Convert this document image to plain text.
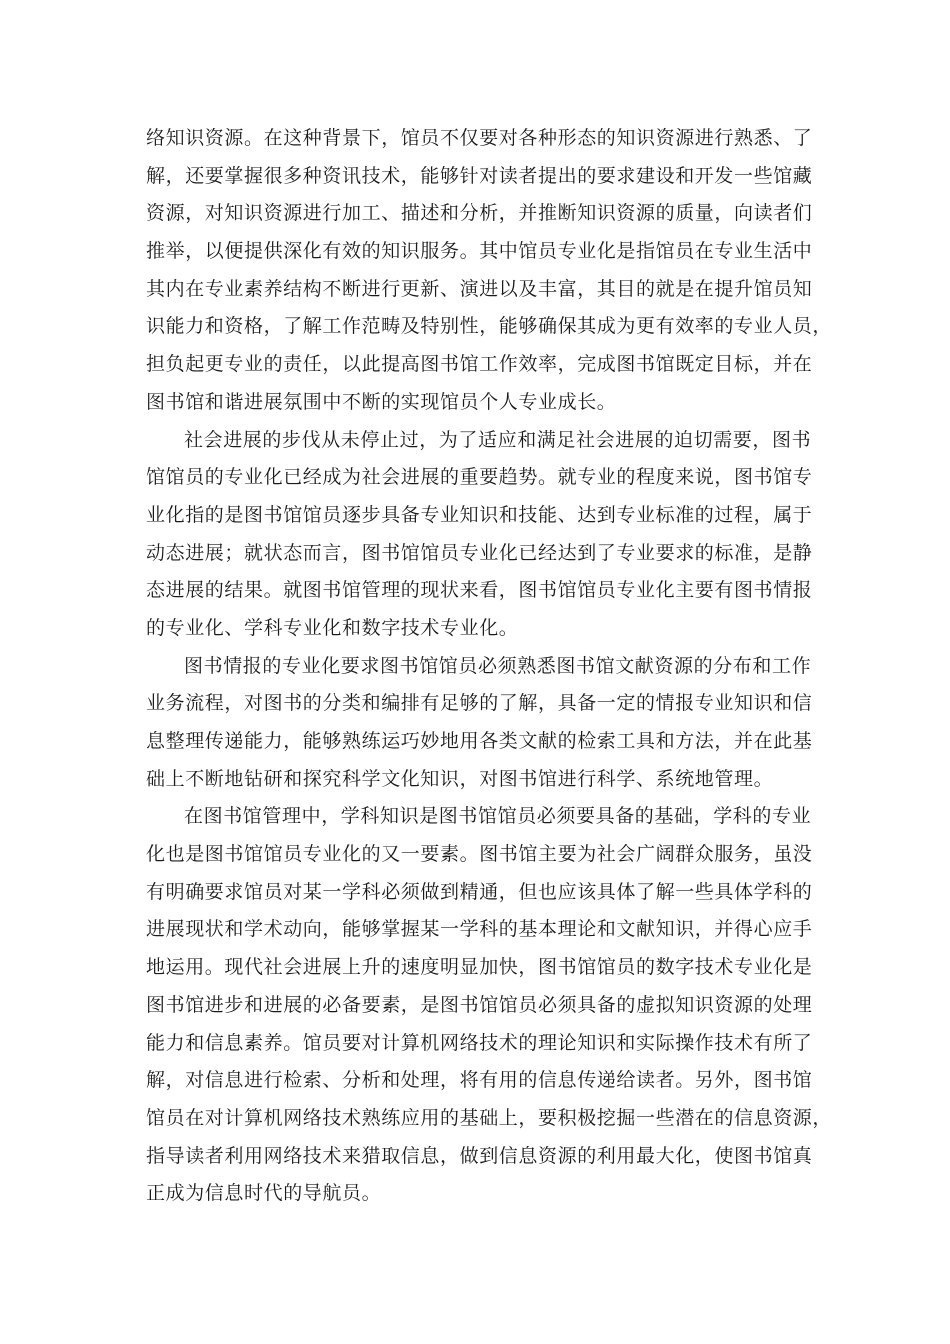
络知识资源。在这种背景下，馆员不仅要对各种形态的知识资源进行熟悉、了
解，还要掌握很多种资讯技术，能够针对读者提出的要求建设和开发一些馆藏
资源，对知识资源进行加工、描述和分析，并推断知识资源的质量，向读者们
推举，以便提供深化有效的知识服务。其中馆员专业化是指馆员在专业生活中
其内在专业素养结构不断进行更新、演进以及丰富，其目的就是在提升馆员知
识能力和资格，了解工作范畴及特别性，能够确保其成为更有效率的专业人员，
担负起更专业的责任，以此提高图书馆工作效率，完成图书馆既定目标，并在
图书馆和谐进展氛围中不断的实现馆员个人专业成长。
社会进展的步伐从未停止过，为了适应和满足社会进展的迫切需要，图书
馆馆员的专业化已经成为社会进展的重要趋势。就专业的程度来说，图书馆专
业化指的是图书馆馆员逐步具备专业知识和技能、达到专业标准的过程，属于
动态进展；就状态而言，图书馆馆员专业化已经达到了专业要求的标准，是静
态进展的结果。就图书馆管理的现状来看，图书馆馆员专业化主要有图书情报
的专业化、学科专业化和数字技术专业化。
图书情报的专业化要求图书馆馆员必须熟悉图书馆文献资源的分布和工作
业务流程，对图书的分类和编排有足够的了解，具备一定的情报专业知识和信
息整理传递能力，能够熟练运巧妙地用各类文献的检索工具和方法，并在此基
础上不断地钻研和探究科学文化知识，对图书馆进行科学、系统地管理。
在图书馆管理中，学科知识是图书馆馆员必须要具备的基础，学科的专业
化也是图书馆馆员专业化的又一要素。图书馆主要为社会广阔群众服务，虽没
有明确要求馆员对某一学科必须做到精通，但也应该具体了解一些具体学科的
进展现状和学术动向，能够掌握某一学科的基本理论和文献知识，并得心应手
地运用。现代社会进展上升的速度明显加快，图书馆馆员的数字技术专业化是
图书馆进步和进展的必备要素，是图书馆馆员必须具备的虚拟知识资源的处理
能力和信息素养。馆员要对计算机网络技术的理论知识和实际操作技术有所了
解，对信息进行检索、分析和处理，将有用的信息传递给读者。另外，图书馆
馆员在对计算机网络技术熟练应用的基础上，要积极挖掘一些潜在的信息资源，
指导读者利用网络技术来猎取信息，做到信息资源的利用最大化，使图书馆真
正成为信息时代的导航员。
